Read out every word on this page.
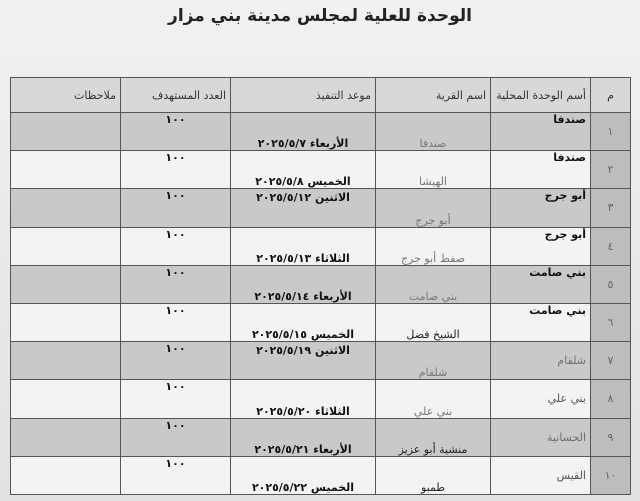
الوحدة للعلية لمجلس مدينة بني مزار
م	أسم الوحدة المحلية	اسم القرية	موعد التنفيذ	العدد المستهدف	ملاحظات
١	صندفا	صندفا	الأربعاء ٢٠٢٥/٥/٧	١٠٠	
٢	صندفا	الهيشا	الخميس ٢٠٢٥/٥/٨	١٠٠	
٣	أبو جرج	أبو جرج	الاثنين ٢٠٢٥/٥/١٢	١٠٠	
٤	أبو جرج	صفط أبو جرج	الثلاثاء ٢٠٢٥/٥/١٣	١٠٠	
٥	بني صامت	بني صامت	الأربعاء ٢٠٢٥/٥/١٤	١٠٠	
٦	بني صامت	الشيخ فضل	الخميس ٢٠٢٥/٥/١٥	١٠٠	
٧	شلقام	شلقام	الاثنين ٢٠٢٥/٥/١٩	١٠٠	
٨	بني علي	بني علي	الثلاثاء ٢٠٢٥/٥/٢٠	١٠٠	
٩	الحسانية	منشية أبو عزيز	الأربعاء ٢٠٢٥/٥/٢١	١٠٠	
١٠	القيس	طمبو	الخميس ٢٠٢٥/٥/٢٢	١٠٠	
